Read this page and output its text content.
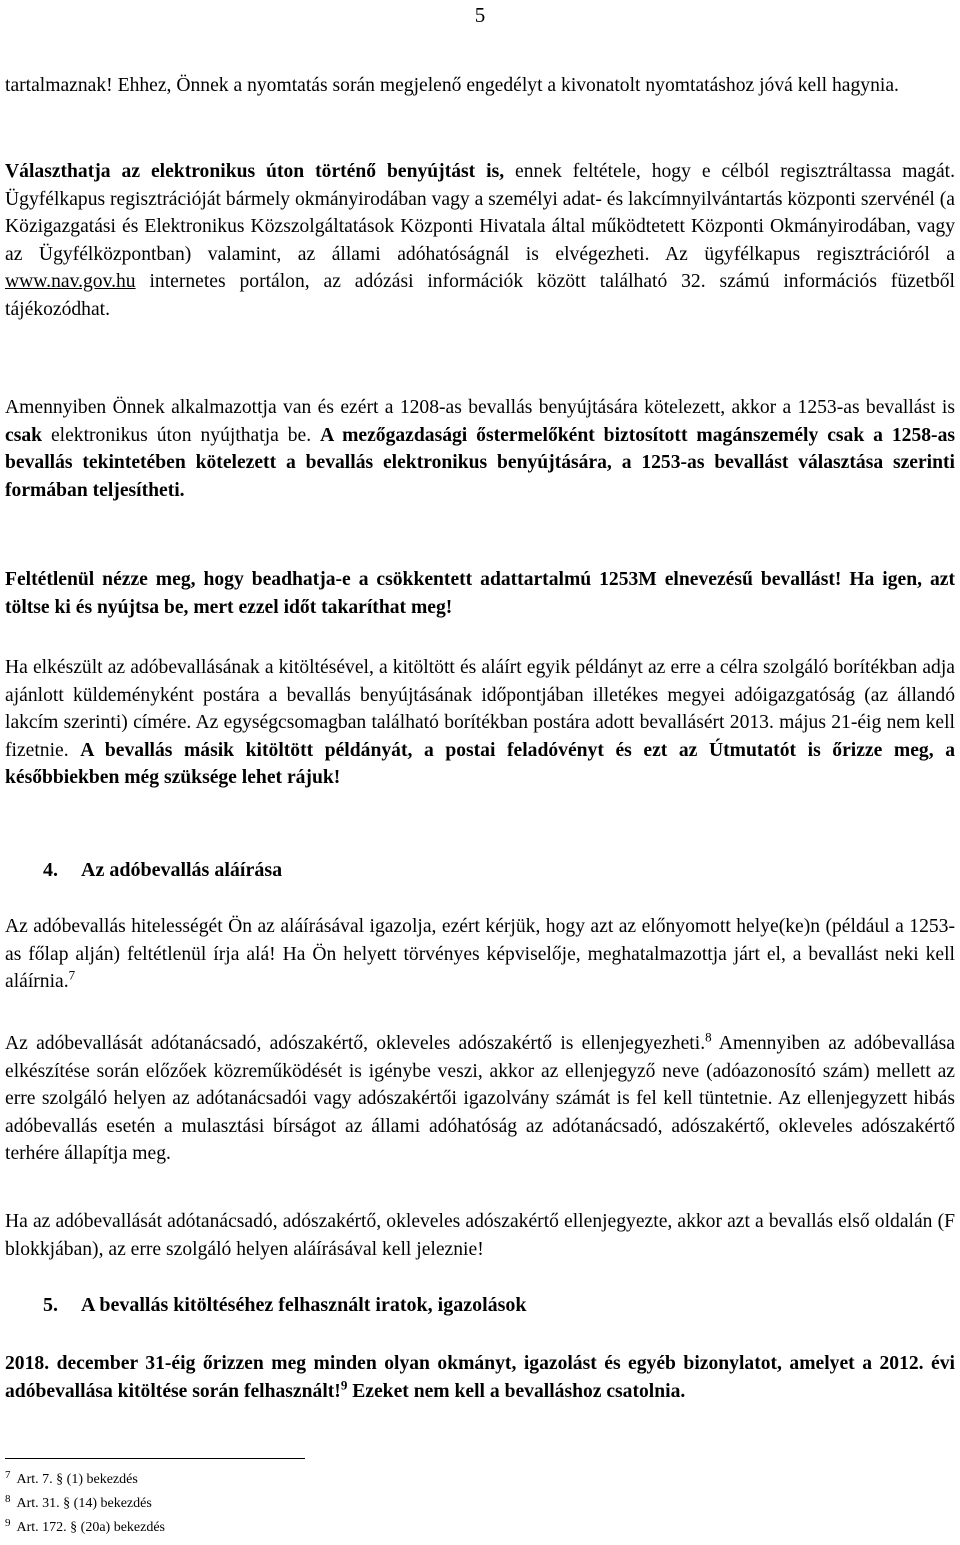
5

tartalmaznak! Ehhez, Önnek a nyomtatás során megjelenő engedélyt a kivonatolt nyomtatáshoz jóvá kell hagynia.

Választhatja az elektronikus úton történő benyújtást is, ennek feltétele, hogy e célból regisztráltassa magát. Ügyfélkapus regisztrációját bármely okmányirodában vagy a személyi adat- és lakcímnyilvántartás központi szervénél (a Közigazgatási és Elektronikus Közszolgáltatások Központi Hivatala által működtetett Központi Okmányirodában, vagy az Ügyfélközpontban) valamint, az állami adóhatóságnál is elvégezheti. Az ügyfélkapus regisztrációról a www.nav.gov.hu internetes portálon, az adózási információk között található 32. számú információs füzetből tájékozódhat.

Amennyiben Önnek alkalmazottja van és ezért a 1208-as bevallás benyújtására kötelezett, akkor a 1253-as bevallást is csak elektronikus úton nyújthatja be. A mezőgazdasági őstermelőként biztosított magánszemély csak a 1258-as bevallás tekintetében kötelezett a bevallás elektronikus benyújtására, a 1253-as bevallást választása szerinti formában teljesítheti.

Feltétlenül nézze meg, hogy beadhatja-e a csökkentett adattartalmú 1253M elnevezésű bevallást! Ha igen, azt töltse ki és nyújtsa be, mert ezzel időt takaríthat meg!

Ha elkészült az adóbevallásának a kitöltésével, a kitöltött és aláírt egyik példányt az erre a célra szolgáló borítékban adja ajánlott küldeményként postára a bevallás benyújtásának időpontjában illetékes megyei adóigazgatóság (az állandó lakcím szerinti) címére. Az egységcsomagban található borítékban postára adott bevallásért 2013. május 21-éig nem kell fizetnie. A bevallás másik kitöltött példányát, a postai feladóvényt és ezt az Útmutatót is őrizze meg, a későbbiekben még szüksége lehet rájuk!

4. Az adóbevallás aláírása

Az adóbevallás hitelességét Ön az aláírásával igazolja, ezért kérjük, hogy azt az előnyomott helye(ke)n (például a 1253-as főlap alján) feltétlenül írja alá! Ha Ön helyett törvényes képviselője, meghatalmazottja járt el, a bevallást neki kell aláírnia.$^7$

Az adóbevallását adótanácsadó, adószakértő, okleveles adószakértő is ellenjegyezheti.$^8$ Amennyiben az adóbevallása elkészítése során előzőek közreműködését is igénybe veszi, akkor az ellenjegyző neve (adóazonosító szám) mellett az erre szolgáló helyen az adótanácsadói vagy adószakértői igazolvány számát is fel kell tüntetnie. Az ellenjegyzett hibás adóbevallás esetén a mulasztási bírságot az állami adóhatóság az adótanácsadó, adószakértő, okleveles adószakértő terhére állapítja meg.

Ha az adóbevallását adótanácsadó, adószakértő, okleveles adószakértő ellenjegyezte, akkor azt a bevallás első oldalán (F blokkjában), az erre szolgáló helyen aláírásával kell jeleznie!

5. A bevallás kitöltéséhez felhasznált iratok, igazolások

2018. december 31-éig őrizzen meg minden olyan okmányt, igazolást és egyéb bizonylatot, amelyet a 2012. évi adóbevallása kitöltése során felhasznált!$^9$ Ezeket nem kell a bevalláshoz csatolnia.

$^7$ Art. 7. § (1) bekezdés
$^8$ Art. 31. § (14) bekezdés
$^9$ Art. 172. § (20a) bekezdés
